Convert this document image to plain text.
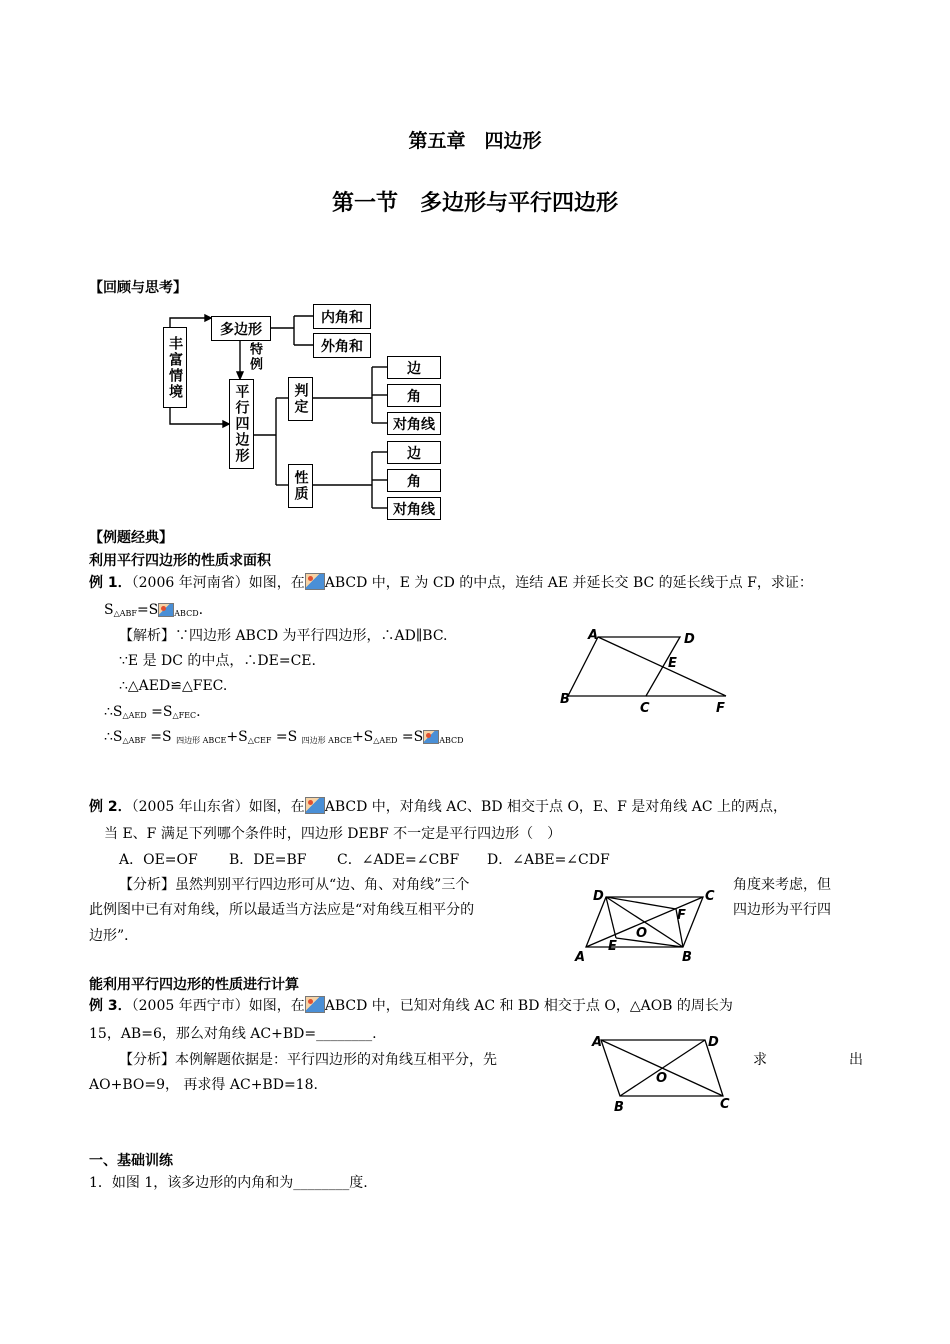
第五章　四边形
第一节　多边形与平行四边形
【回顾与思考】
丰富情境
多边形
内角和
外角和
特例
平行四边形	判定
性质
边
角
对角线
边
角
对角线
【例题经典】
利用平行四边形的性质求面积
例 1．（2006 年河南省）如图，在 ABCD 中，E 为 CD 的中点，连结 AE 并延长交 BC 的延长线于点 F，求证：
$S_{\triangle ABF}=S$ $_{ABCD}$.
【解析】∵四边形 ABCD 为平行四边形，∴AD∥BC.
∵E 是 DC 的中点，∴DE=CE.
∴△AED≌△FEC.
$\therefore S_{\triangle AED} =S_{\triangle FEC}$.
$\therefore S_{\triangle ABF} =S$ $_{四边形 ABCE}+S_{\triangle CEF} =S$ $_{四边形 ABCE}+S_{\triangle AED} =S$ $_{ABCD}$
A	D
E
B
C	F
例 2．（2005 年山东省）如图，在 ABCD 中，对角线 AC、BD 相交于点 O，E、F 是对角线 AC 上的两点，
当 E、F 满足下列哪个条件时，四边形 DEBF 不一定是平行四边形（　）
A．OE=OF B．DE=BF C．∠ADE=∠CBF D．∠ABE=∠CDF
【分析】虽然判别平行四边形可从“边、角、对角线”三个	角度来考虑，但
此例图中已有对角线，所以最适当方法应是“对角线互相平分的	四边形为平行四
边形”．
D	C
F
O
E
A	B
能利用平行四边形的性质进行计算
例 3．（2005 年西宁市）如图，在 ABCD 中，已知对角线 AC 和 BD 相交于点 O，△AOB 的周长为
15，AB=6，那么对角线 AC+BD=________.
【分析】本例解题依据是：平行四边形的对角线互相平分，先	求	出
AO+BO=9， 再求得 AC+BD=18.
A	D
O
B	C
一、基础训练
1．如图 1，该多边形的内角和为________度.
